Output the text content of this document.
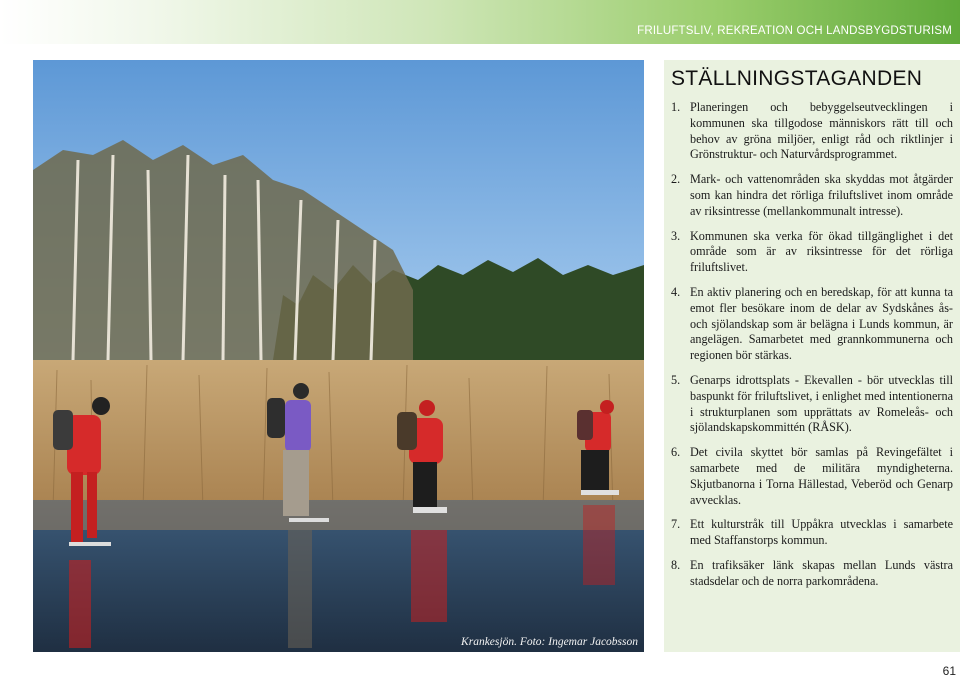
FRILUFTSLIV, REKREATION OCH LANDSBYGDSTURISM
Krankesjön. Foto: Ingemar Jacobsson
STÄLLNINGSTAGANDEN
1. Planeringen och bebyggelseutvecklingen i kommunen ska tillgodose människors rätt till och behov av gröna miljöer, enligt råd och riktlinjer i Grönstruktur- och Naturvårdsprogrammet.
2. Mark- och vattenområden ska skyddas mot åtgärder som kan hindra det rörliga friluftslivet inom område av riksintresse (mellankommunalt intresse).
3. Kommunen ska verka för ökad tillgänglighet i det område som är av riksintresse för det rörliga friluftslivet.
4. En aktiv planering och en beredskap, för att kunna ta emot fler besökare inom de delar av Sydskånes ås- och sjölandskap som är belägna i Lunds kommun, är angelägen. Samarbetet med grannkommunerna och regionen bör stärkas.
5. Genarps idrottsplats - Ekevallen - bör utvecklas till baspunkt för friluftslivet, i enlighet med intentionerna i strukturplanen som upprättats av Romeleås- och sjölandskapskommittén (RÅSK).
6. Det civila skyttet bör samlas på Revingefältet i samarbete med de militära myndigheterna. Skjutbanorna i Torna Hällestad, Veberöd och Genarp avvecklas.
7. Ett kulturstråk till Uppåkra utvecklas i samarbete med Staffanstorps kommun.
8. En trafiksäker länk skapas mellan Lunds västra stadsdelar och de norra parkområdena.
61
